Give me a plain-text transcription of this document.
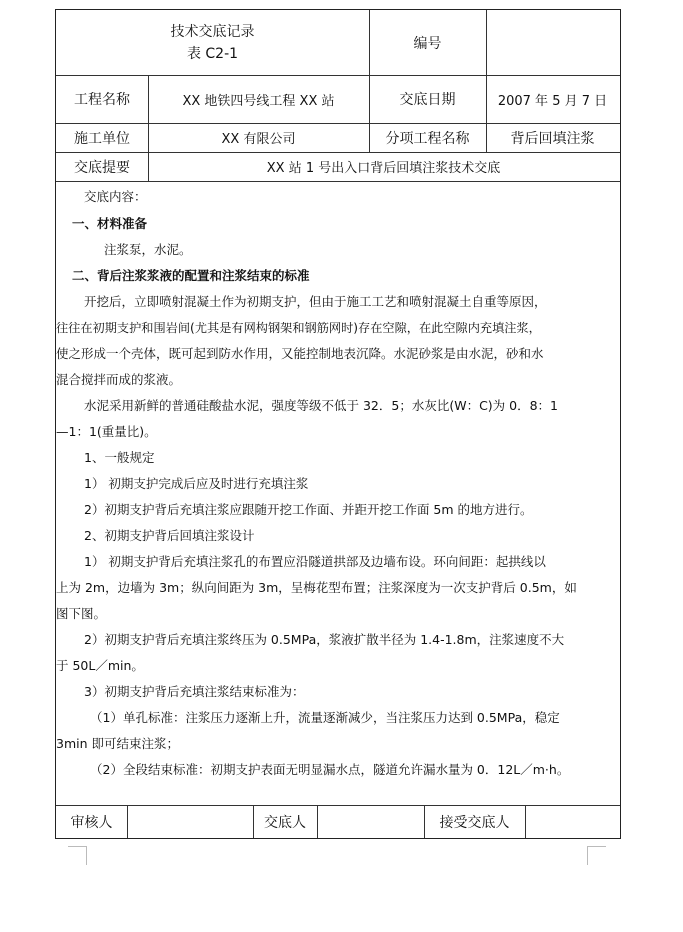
技术交底记录
表 C2-1
编号
工程名称	XX 地铁四号线工程 XX 站	交底日期	2007 年 5 月 7 日
施工单位	XX 有限公司	分项工程名称	背后回填注浆
交底提要	XX 站 1 号出入口背后回填注浆技术交底
交底内容：
一、材料准备
注浆泵，水泥。
二、背后注浆浆液的配置和注浆结束的标准
开挖后，立即喷射混凝土作为初期支护，但由于施工工艺和喷射混凝土自重等原因，
往往在初期支护和围岩间(尤其是有网构钢架和钢筋网时)存在空隙，在此空隙内充填注浆，
使之形成一个壳体，既可起到防水作用，又能控制地表沉降。水泥砂浆是由水泥，砂和水
混合搅拌而成的浆液。
水泥采用新鲜的普通硅酸盐水泥，强度等级不低于 32．5；水灰比(W：C)为 0．8：1
—1：1(重量比)。
1、一般规定
1） 初期支护完成后应及时进行充填注浆
2）初期支护背后充填注浆应跟随开挖工作面、并距开挖工作面 5m 的地方进行。
2、初期支护背后回填注浆设计
1） 初期支护背后充填注浆孔的布置应沿隧道拱部及边墙布设。环向间距：起拱线以
上为 2m，边墙为 3m；纵向间距为 3m，呈梅花型布置；注浆深度为一次支护背后 0.5m，如
图下图。
2）初期支护背后充填注浆终压为 0.5MPa，浆液扩散半径为 1.4-1.8m，注浆速度不大
于 50L／min。
3）初期支护背后充填注浆结束标准为：
（1）单孔标准：注浆压力逐渐上升，流量逐渐减少，当注浆压力达到 0.5MPa，稳定
3min 即可结束注浆；
（2）全段结束标准：初期支护表面无明显漏水点，隧道允许漏水量为 0．12L／m·h。
审核人	交底人	接受交底人
